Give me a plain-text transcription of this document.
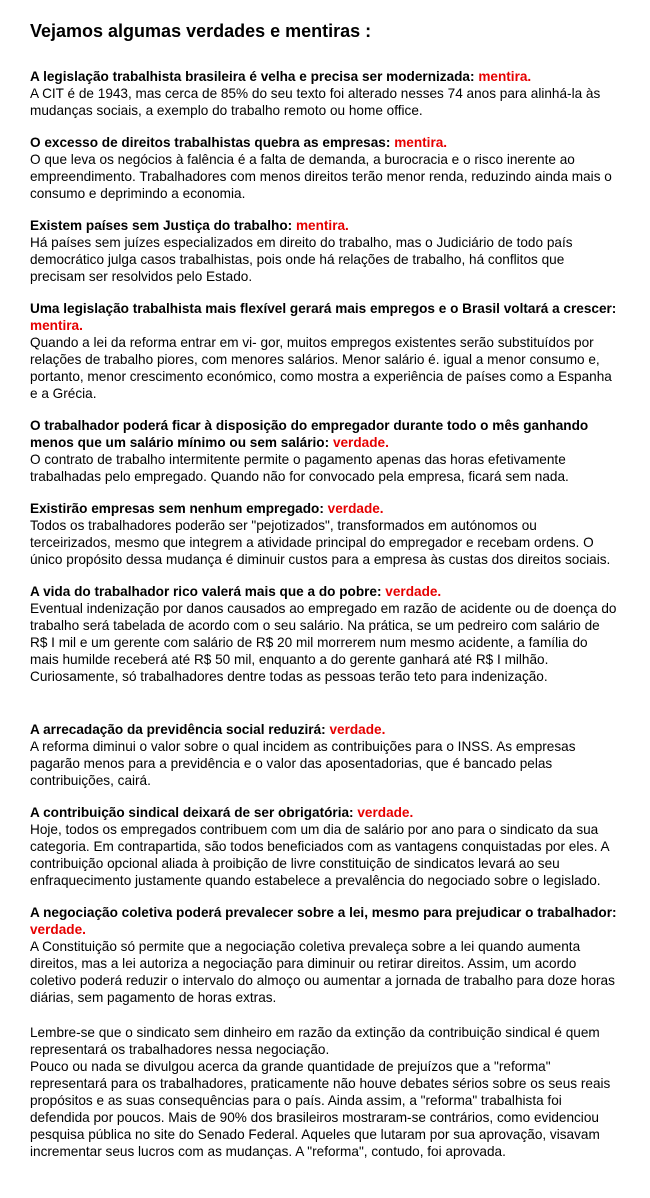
Vejamos algumas verdades e mentiras :

A legislação trabalhista brasileira é velha e precisa ser modernizada: mentira.

A CIT é de 1943, mas cerca de 85% do seu texto foi alterado nesses 74 anos para alinhá-la às mudanças sociais, a exemplo do trabalho remoto ou home office.

O excesso de direitos trabalhistas quebra as empresas: mentira.

O que leva os negócios à falência é a falta de demanda, a burocracia e o risco inerente ao empreendimento. Trabalhadores com menos direitos terão menor renda, reduzindo ainda mais o consumo e deprimindo a economia.

Existem países sem Justiça do trabalho: mentira.

Há países sem juízes especializados em direito do trabalho, mas o Judiciário de todo país democrático julga casos trabalhistas, pois onde há relações de trabalho, há conflitos que precisam ser resolvidos pelo Estado.

Uma legislação trabalhista mais flexível gerará mais empregos e o Brasil voltará a crescer: mentira.

Quando a lei da reforma entrar em vi- gor, muitos empregos existentes serão substituídos por relações de trabalho piores, com menores salários. Menor salário é. igual a menor consumo e, portanto, menor crescimento económico, como mostra a experiência de países como a Espanha e a Grécia.

O trabalhador poderá ficar à disposição do empregador durante todo o mês ganhando menos que um salário mínimo ou sem salário: verdade.

O contrato de trabalho intermitente permite o pagamento apenas das horas efetivamente trabalhadas pelo empregado. Quando não for convocado pela empresa, ficará sem nada.

Existirão empresas sem nenhum empregado: verdade.

Todos os trabalhadores poderão ser "pejotizados", transformados em autónomos ou terceirizados, mesmo que integrem a atividade principal do empregador e recebam ordens. O único propósito dessa mudança é diminuir custos para a empresa às custas dos direitos sociais.

A vida do trabalhador rico valerá mais que a do pobre: verdade.

Eventual indenização por danos causados ao empregado em razão de acidente ou de doença do trabalho será tabelada de acordo com o seu salário. Na prática, se um pedreiro com salário de R$ I mil e um gerente com salário de R$ 20 mil morrerem num mesmo acidente, a família do mais humilde receberá até R$ 50 mil, enquanto a do gerente ganhará até R$ I milhão. Curiosamente, só trabalhadores dentre todas as pessoas terão teto para indenização.

A arrecadação da previdência social reduzirá: verdade.

A reforma diminui o valor sobre o qual incidem as contribuições para o INSS. As empresas pagarão menos para a previdência e o valor das aposentadorias, que é bancado pelas contribuições, cairá.

A contribuição sindical deixará de ser obrigatória: verdade.

Hoje, todos os empregados contribuem com um dia de salário por ano para o sindicato da sua categoria. Em contrapartida, são todos beneficiados com as vantagens conquistadas por eles. A contribuição opcional aliada à proibição de livre constituição de sindicatos levará ao seu enfraquecimento justamente quando estabelece a prevalência do negociado sobre o legislado.

A negociação coletiva poderá prevalecer sobre a lei, mesmo para prejudicar o trabalhador: verdade.

A Constituição só permite que a negociação coletiva prevaleça sobre a lei quando aumenta direitos, mas a lei autoriza a negociação para diminuir ou retirar direitos. Assim, um acordo coletivo poderá reduzir o intervalo do almoço ou aumentar a jornada de trabalho para doze horas diárias, sem pagamento de horas extras.

Lembre-se que o sindicato sem dinheiro em razão da extinção da contribuição sindical é quem representará os trabalhadores nessa negociação.

Pouco ou nada se divulgou acerca da grande quantidade de prejuízos que a "reforma" representará para os trabalhadores, praticamente não houve debates sérios sobre os seus reais propósitos e as suas consequências para o país. Ainda assim, a "reforma" trabalhista foi defendida por poucos. Mais de 90% dos brasileiros mostraram-se contrários, como evidenciou pesquisa pública no site do Senado Federal. Aqueles que lutaram por sua aprovação, visavam incrementar seus lucros com as mudanças. A "reforma", contudo, foi aprovada.
